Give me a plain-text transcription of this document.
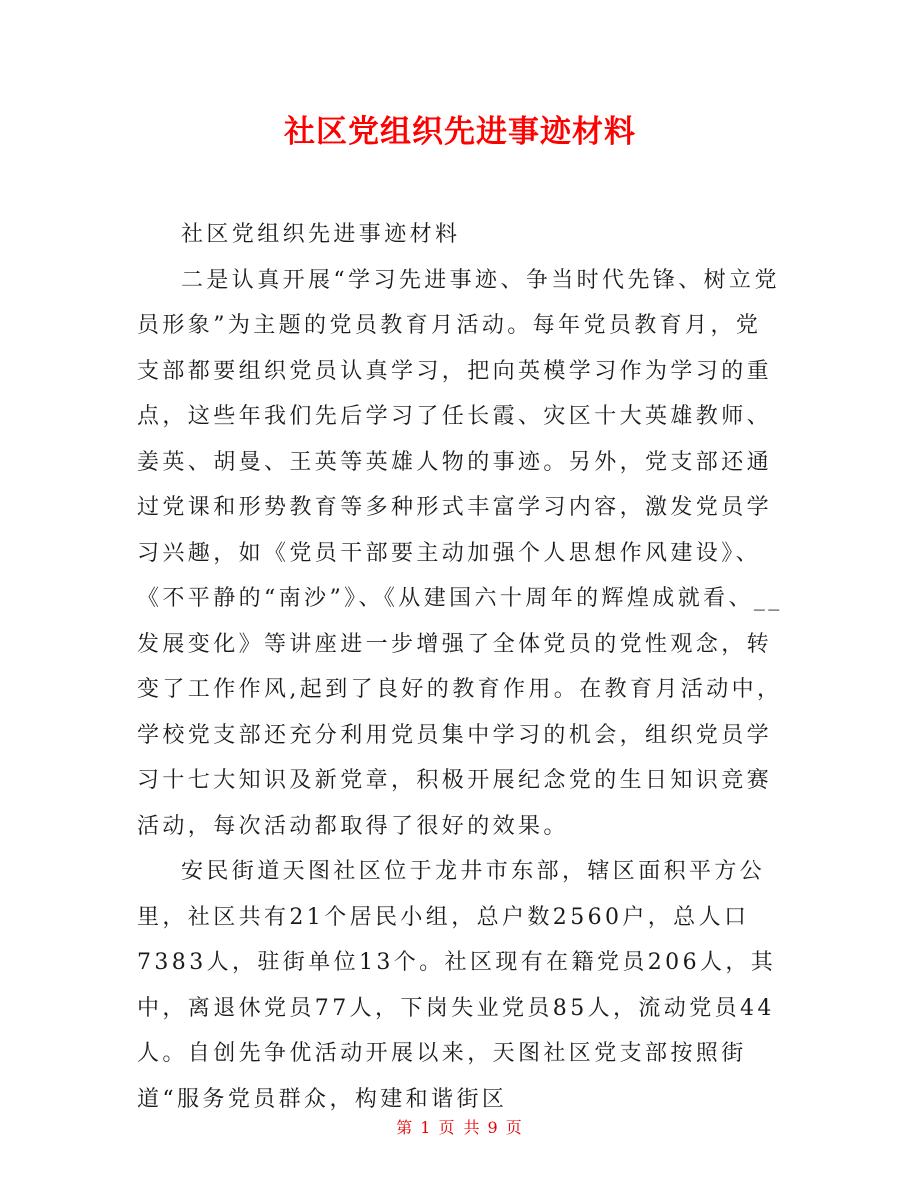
社区党组织先进事迹材料

社区党组织先进事迹材料

二是认真开展“学习先进事迹、争当时代先锋、树立党员形象”为主题的党员教育月活动。每年党员教育月，党支部都要组织党员认真学习，把向英模学习作为学习的重点，这些年我们先后学习了任长霞、灾区十大英雄教师、姜英、胡曼、王英等英雄人物的事迹。另外，党支部还通过党课和形势教育等多种形式丰富学习内容，激发党员学习兴趣，如《党员干部要主动加强个人思想作风建设》、《不平静的“南沙”》、《从建国六十周年的辉煌成就看、__发展变化》等讲座进一步增强了全体党员的党性观念，转变了工作作风,起到了良好的教育作用。在教育月活动中，学校党支部还充分利用党员集中学习的机会，组织党员学习十七大知识及新党章，积极开展纪念党的生日知识竞赛活动，每次活动都取得了很好的效果。

安民街道天图社区位于龙井市东部，辖区面积平方公里，社区共有21个居民小组，总户数2560户，总人口7383人，驻街单位13个。社区现有在籍党员206人，其中，离退休党员77人，下岗失业党员85人，流动党员44人。自创先争优活动开展以来，天图社区党支部按照街道“服务党员群众，构建和谐街区

第 1 页 共 9 页
